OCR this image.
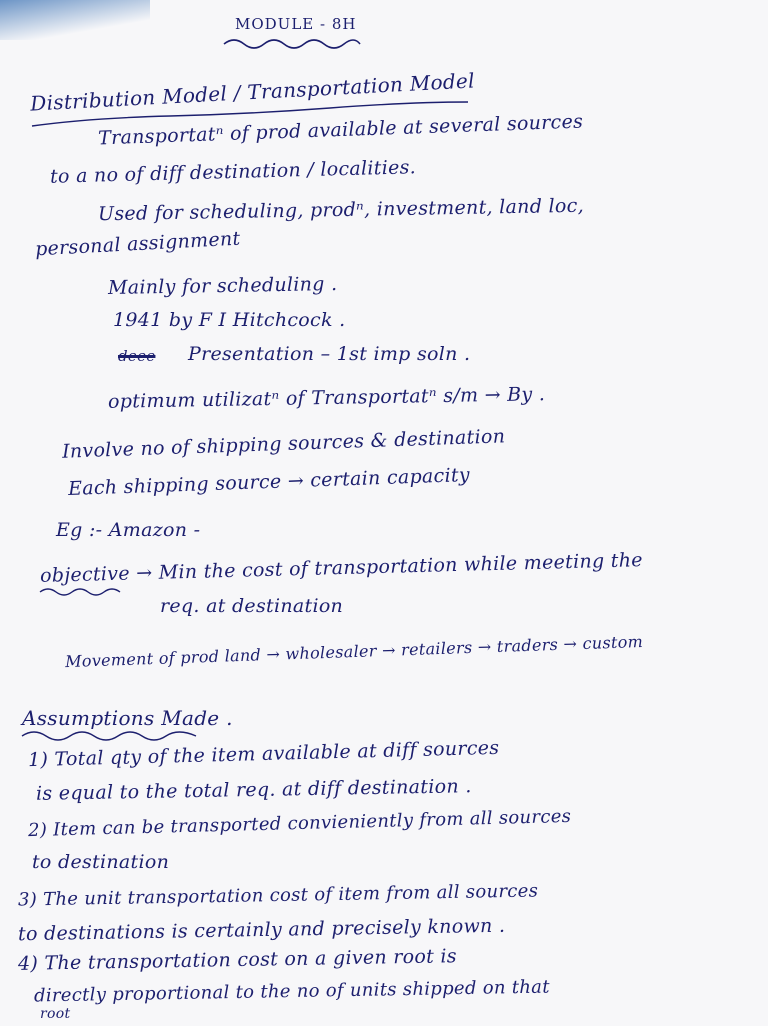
MODULE - 8H
Distribution Model / Transportation Model
Transportatⁿ of prod available at several sources
to a no of diff destination / localities.
Used for scheduling, prodⁿ, investment, land loc,
personal assignment
Mainly for scheduling .
1941 by F I Hitchcock .
deee Presentation – 1st imp soln .
optimum utilizatⁿ of Transportatⁿ s/m → By .
Involve no of shipping sources & destination
Each shipping source → certain capacity
Eg :- Amazon -
objective → Min the cost of transportation while meeting the
req. at destination
Movement of prod land → wholesaler → retailers → traders → custom
Assumptions Made .
1) Total qty of the item available at diff sources
is equal to the total req. at diff destination .
2) Item can be transported convieniently from all sources
to destination
3) The unit transportation cost of item from all sources
to destinations is certainly and precisely known .
4) The transportation cost on a given root is
directly proportional to the no of units shipped on that
root
